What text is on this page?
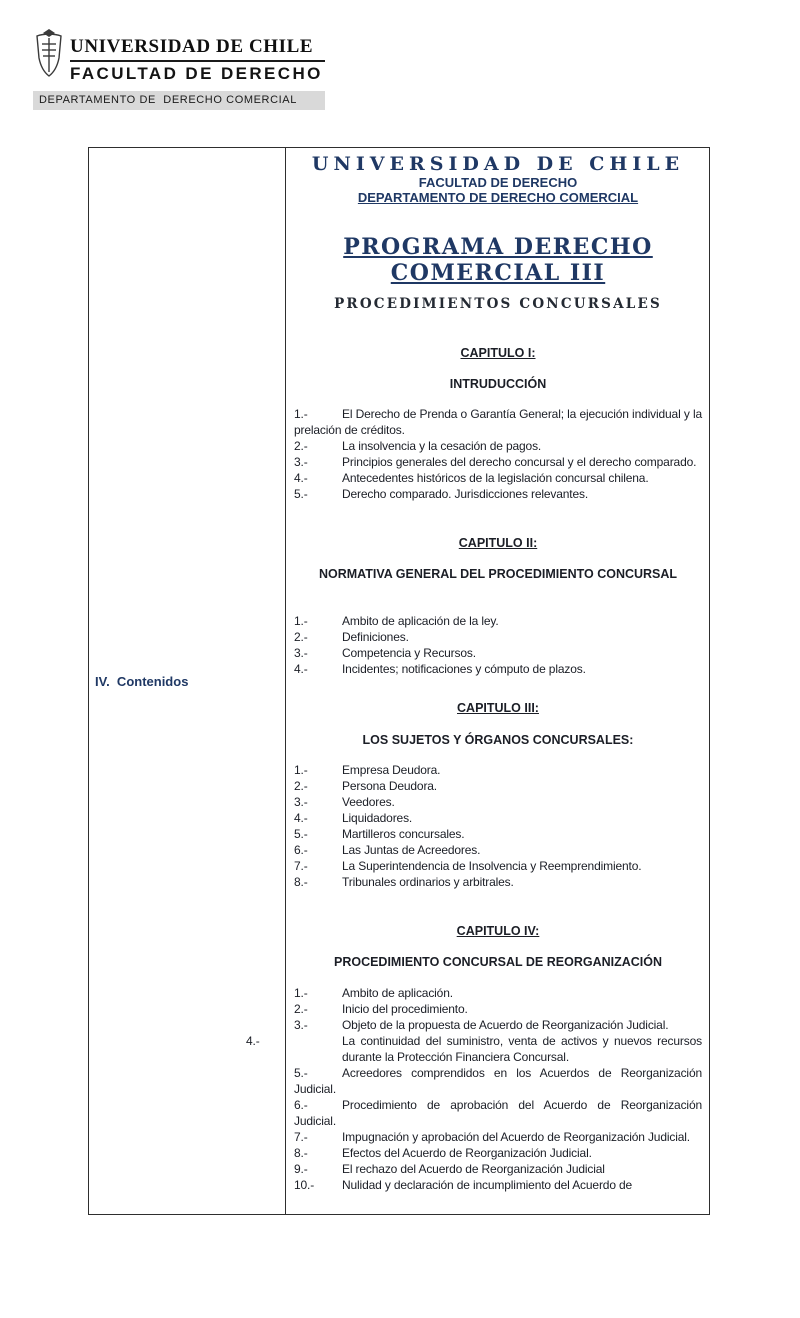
UNIVERSIDAD DE CHILE
FACULTAD DE DERECHO
DEPARTAMENTO DE  DERECHO COMERCIAL
IV.  Contenidos
UNIVERSIDAD DE CHILE
FACULTAD DE DERECHO
DEPARTAMENTO DE DERECHO COMERCIAL
PROGRAMA DERECHO
COMERCIAL III
PROCEDIMIENTOS CONCURSALES
CAPITULO I:
INTRUDUCCIÓN

1.-	El Derecho de Prenda o Garantía General; la ejecución individual y la prelación de créditos.

2.-	La insolvencia y la cesación de pagos.

3.-	Principios generales del derecho concursal y el derecho comparado.

4.-	Antecedentes históricos de la legislación concursal chilena.

5.-	Derecho comparado. Jurisdicciones relevantes.

CAPITULO II:
NORMATIVA GENERAL DEL PROCEDIMIENTO CONCURSAL

1.-	Ambito de aplicación de la ley.

2.-	Definiciones.

3.-	Competencia y Recursos.

4.-	Incidentes; notificaciones y cómputo de plazos.

CAPITULO III:
LOS SUJETOS Y ÓRGANOS CONCURSALES:

1.-	Empresa Deudora.

2.-	Persona Deudora.

3.-	Veedores.

4.-	Liquidadores.

5.-	Martilleros concursales.

6.-	Las Juntas de Acreedores.

7.-	La Superintendencia de Insolvencia y Reemprendimiento.

8.-	Tribunales ordinarios y arbitrales.

CAPITULO IV:
PROCEDIMIENTO CONCURSAL DE REORGANIZACIÓN

1.-	Ambito de aplicación.

2.-	Inicio del procedimiento.

3.-	Objeto de la propuesta de Acuerdo de Reorganización Judicial.

4.-	La continuidad del suministro, venta de activos y nuevos recursos durante la Protección Financiera Concursal.

5.-	Acreedores comprendidos en los Acuerdos de Reorganización Judicial.

6.-	Procedimiento de aprobación del Acuerdo de Reorganización Judicial.

7.-	Impugnación y aprobación del Acuerdo de Reorganización Judicial.

8.-	Efectos del Acuerdo de Reorganización Judicial.

9.-	El rechazo del Acuerdo de Reorganización Judicial

10.- Nulidad y declaración de incumplimiento del Acuerdo de
